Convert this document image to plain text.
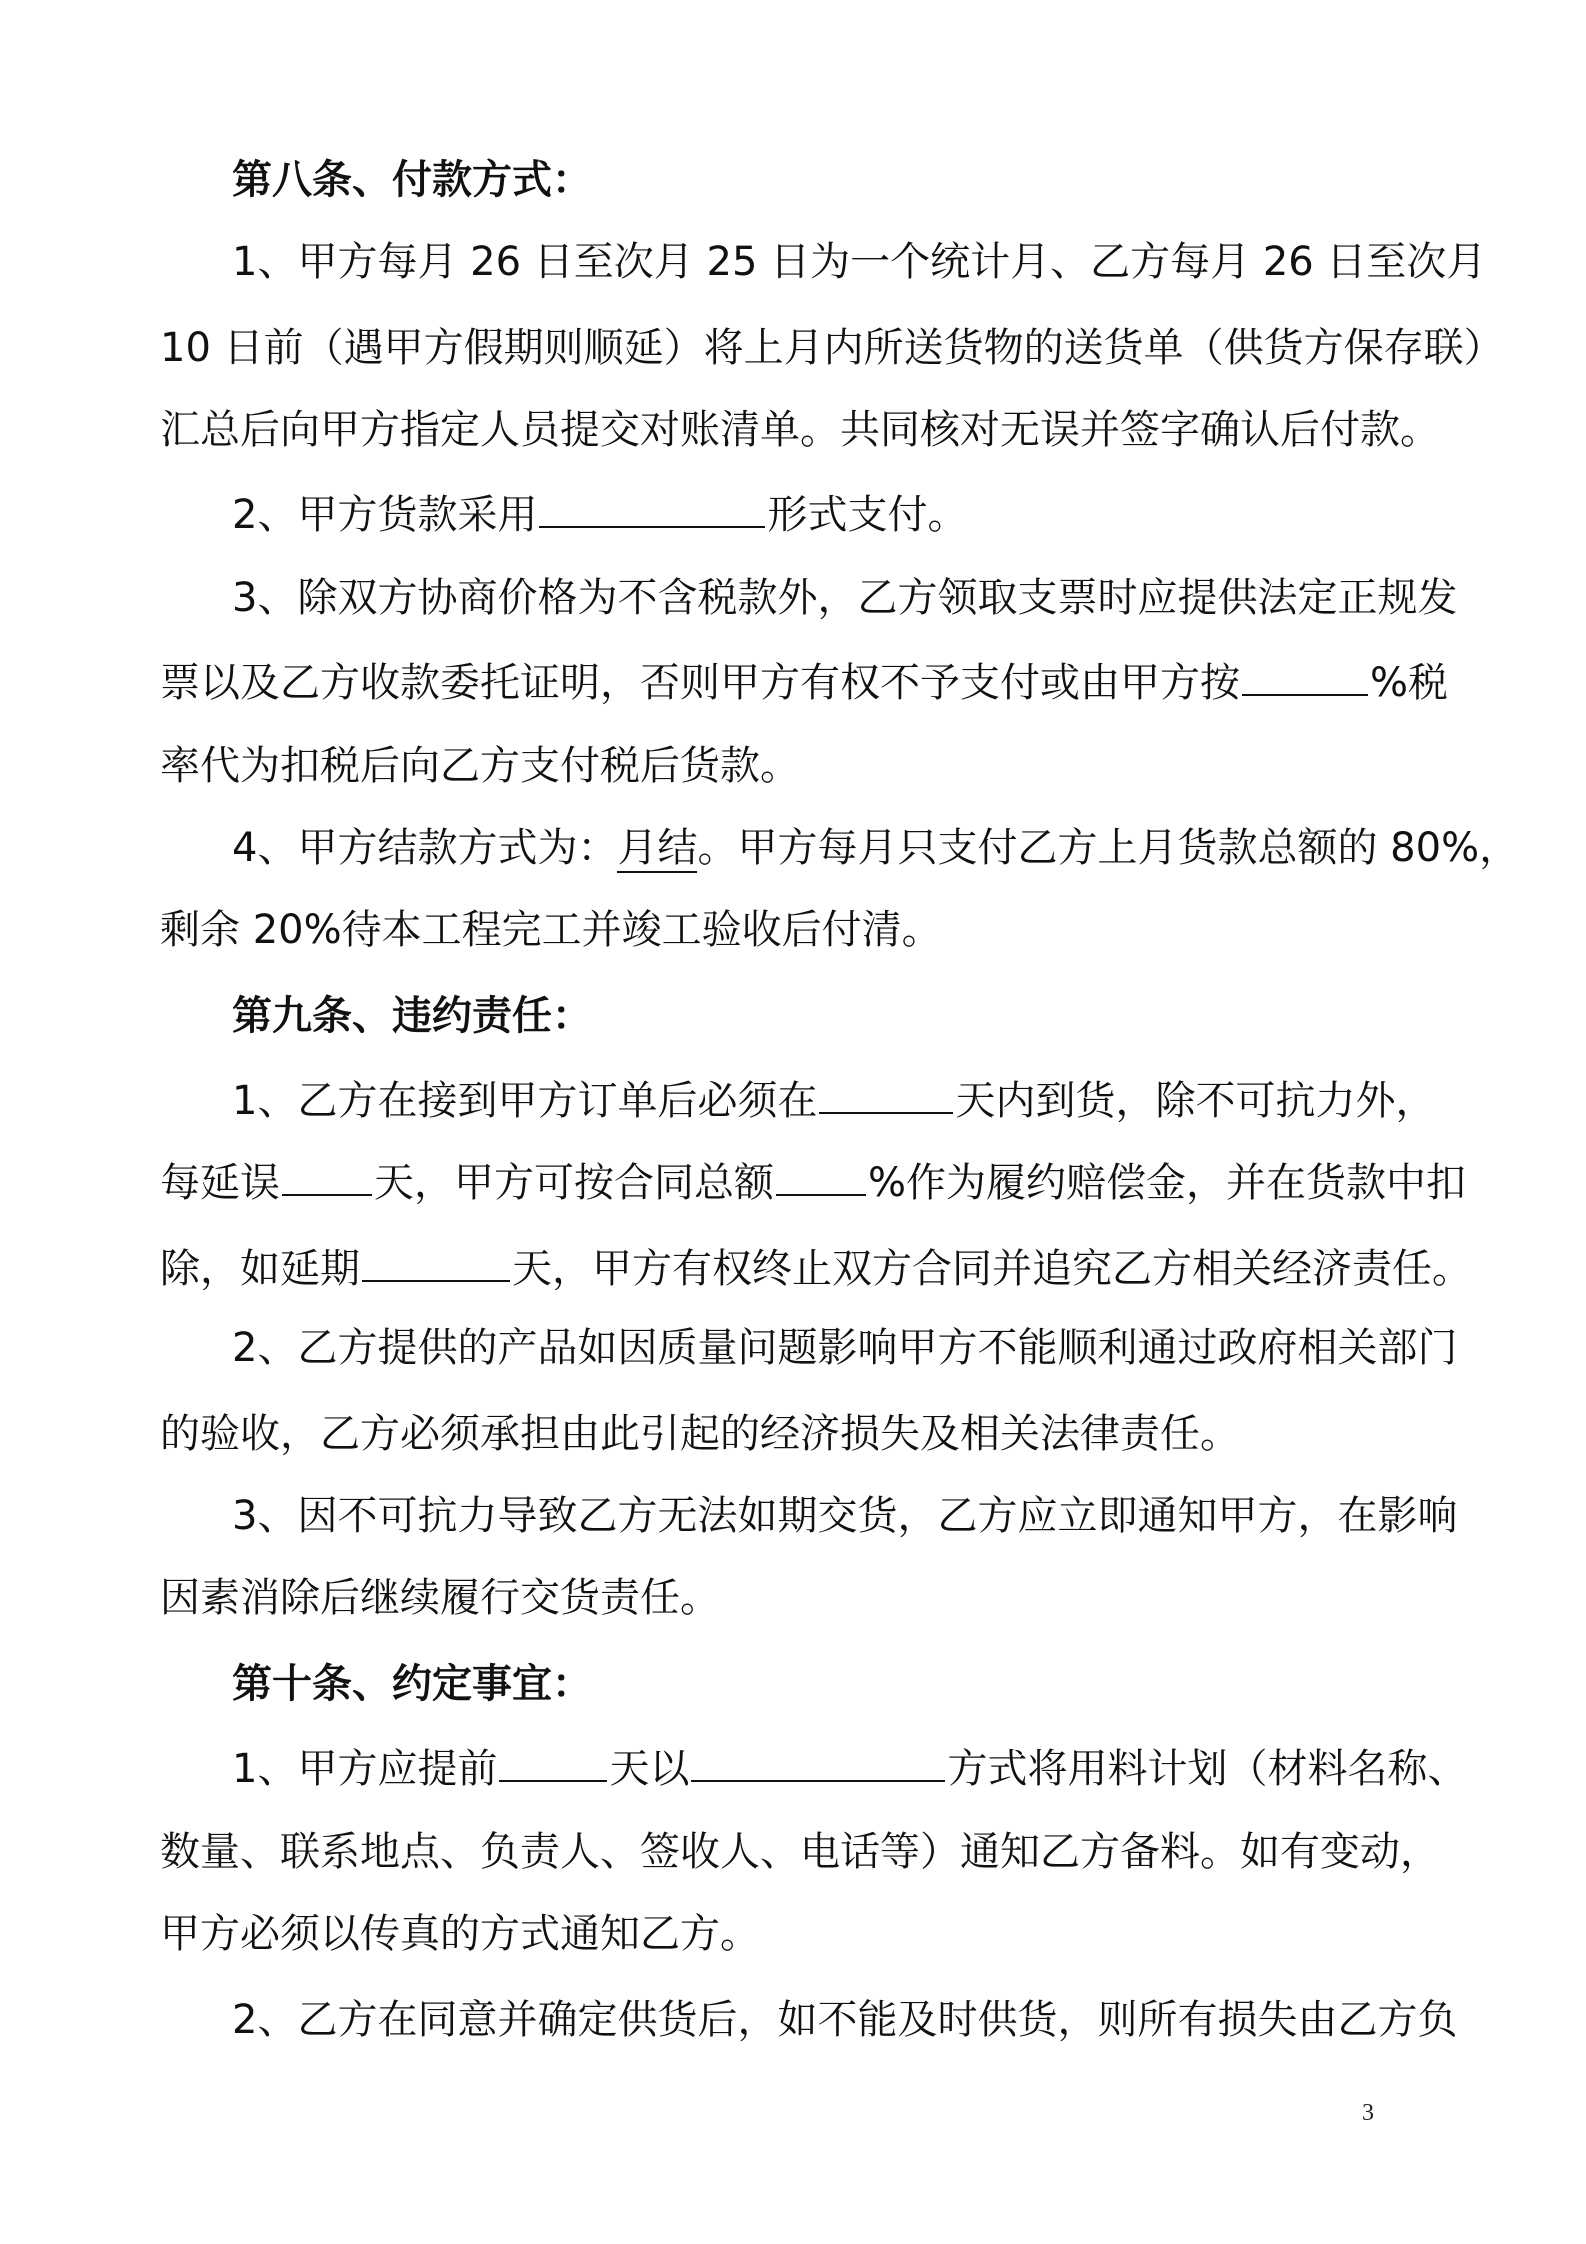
第八条、付款方式：
1、甲方每月 26 日至次月 25 日为一个统计月、乙方每月 26 日至次月
10 日前（遇甲方假期则顺延）将上月内所送货物的送货单（供货方保存联）
汇总后向甲方指定人员提交对账清单。共同核对无误并签字确认后付款。
2、甲方货款采用	形式支付。
3、除双方协商价格为不含税款外，乙方领取支票时应提供法定正规发
票以及乙方收款委托证明，否则甲方有权不予支付或由甲方按	%税
率代为扣税后向乙方支付税后货款。
4、甲方结款方式为：月结。甲方每月只支付乙方上月货款总额的 80%，
剩余 20%待本工程完工并竣工验收后付清。
第九条、违约责任：
1、乙方在接到甲方订单后必须在	天内到货，除不可抗力外，
每延误 天，甲方可按合同总额 %作为履约赔偿金，并在货款中扣
除，如延期	天，甲方有权终止双方合同并追究乙方相关经济责任。
2、乙方提供的产品如因质量问题影响甲方不能顺利通过政府相关部门
的验收，乙方必须承担由此引起的经济损失及相关法律责任。
3、因不可抗力导致乙方无法如期交货，乙方应立即通知甲方，在影响
因素消除后继续履行交货责任。
第十条、约定事宜：
1、甲方应提前	天以	方式将用料计划（材料名称、
数量、联系地点、负责人、签收人、电话等）通知乙方备料。如有变动，
甲方必须以传真的方式通知乙方。
2、乙方在同意并确定供货后，如不能及时供货，则所有损失由乙方负
3
